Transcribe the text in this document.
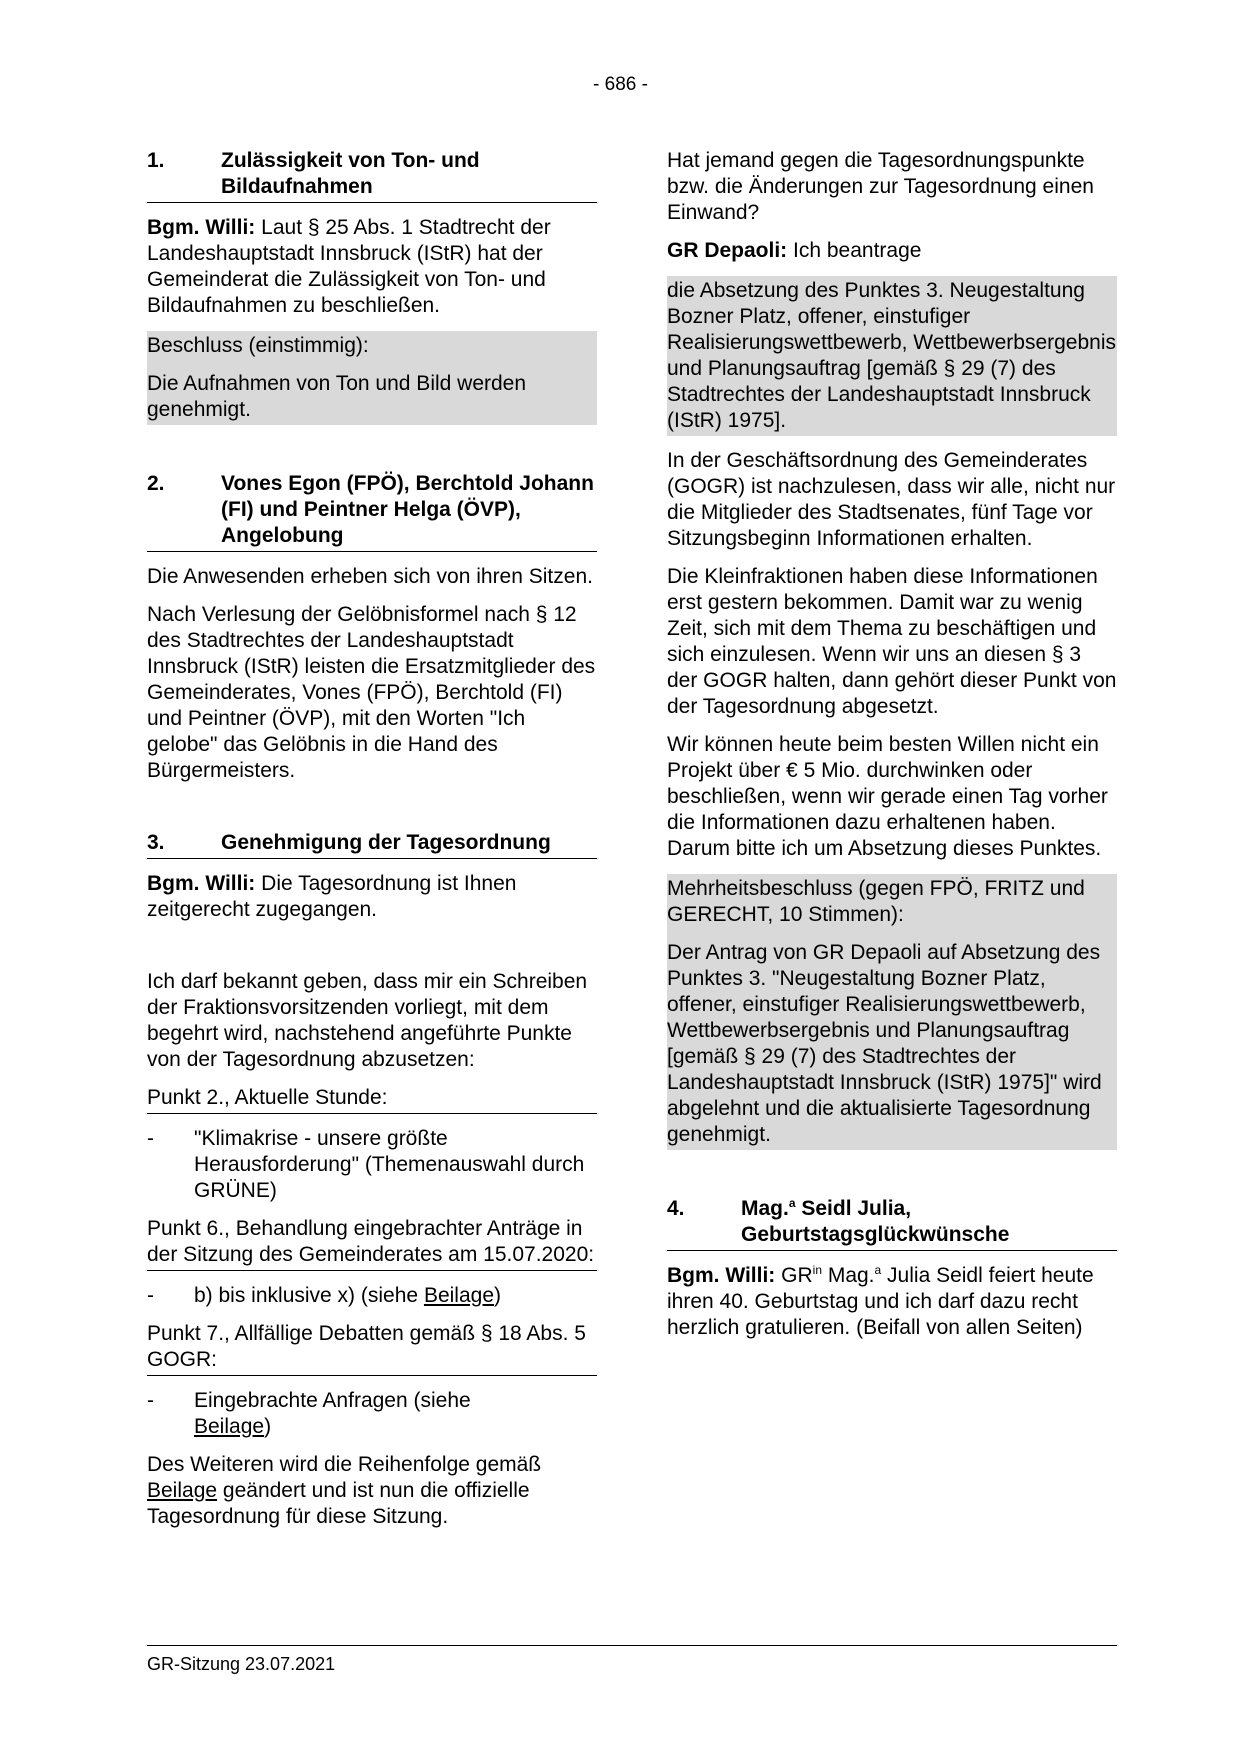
- 686 -
1.	Zulässigkeit von Ton- und Bildaufnahmen

Bgm. Willi: Laut § 25 Abs. 1 Stadtrecht der Landeshauptstadt Innsbruck (IStR) hat der Gemeinderat die Zulässigkeit von Ton- und Bildaufnahmen zu beschließen.

Beschluss (einstimmig):

Die Aufnahmen von Ton und Bild werden genehmigt.

2.	Vones Egon (FPÖ), Berchtold Johann (FI) und Peintner Helga (ÖVP), Angelobung

Die Anwesenden erheben sich von ihren Sitzen.

Nach Verlesung der Gelöbnisformel nach § 12 des Stadtrechtes der Landeshauptstadt Innsbruck (IStR) leisten die Ersatzmitglieder des Gemeinderates, Vones (FPÖ), Berchtold (FI) und Peintner (ÖVP), mit den Worten "Ich gelobe" das Gelöbnis in die Hand des Bürgermeisters.

3.	Genehmigung der Tagesordnung

Bgm. Willi: Die Tagesordnung ist Ihnen zeitgerecht zugegangen.

Ich darf bekannt geben, dass mir ein Schreiben der Fraktionsvorsitzenden vorliegt, mit dem begehrt wird, nachstehend angeführte Punkte von der Tagesordnung abzusetzen:

Punkt 2., Aktuelle Stunde:
-	"Klimakrise - unsere größte Herausforderung" (Themenauswahl durch GRÜNE)
Punkt 6., Behandlung eingebrachter Anträge in der Sitzung des Gemeinderates am 15.07.2020:
-	b) bis inklusive x) (siehe Beilage)
Punkt 7., Allfällige Debatten gemäß § 18 Abs. 5 GOGR:
-	Eingebrachte Anfragen (siehe
Beilage)

Des Weiteren wird die Reihenfolge gemäß
Beilage geändert und ist nun die offizielle Tagesordnung für diese Sitzung.

Hat jemand gegen die Tagesordnungspunkte bzw. die Änderungen zur Tagesordnung einen Einwand?

GR Depaoli: Ich beantrage

die Absetzung des Punktes 3. Neugestaltung Bozner Platz, offener, einstufiger Realisierungswettbewerb, Wettbewerbsergebnis und Planungsauftrag [gemäß § 29 (7) des Stadtrechtes der Landeshauptstadt Innsbruck (IStR) 1975].

In der Geschäftsordnung des Gemeinderates (GOGR) ist nachzulesen, dass wir alle, nicht nur die Mitglieder des Stadtsenates, fünf Tage vor Sitzungsbeginn Informationen erhalten.

Die Kleinfraktionen haben diese Informationen erst gestern bekommen. Damit war zu wenig Zeit, sich mit dem Thema zu beschäftigen und sich einzulesen. Wenn wir uns an diesen § 3 der GOGR halten, dann gehört dieser Punkt von der Tagesordnung abgesetzt.

Wir können heute beim besten Willen nicht ein Projekt über € 5 Mio. durchwinken oder beschließen, wenn wir gerade einen Tag vorher die Informationen dazu erhaltenen haben. Darum bitte ich um Absetzung dieses Punktes.

Mehrheitsbeschluss (gegen FPÖ, FRITZ und GERECHT, 10 Stimmen):

Der Antrag von GR Depaoli auf Absetzung des Punktes 3. "Neugestaltung Bozner Platz, offener, einstufiger Realisierungswettbewerb, Wettbewerbsergebnis und Planungsauftrag [gemäß § 29 (7) des Stadtrechtes der Landeshauptstadt Innsbruck (IStR) 1975]" wird abgelehnt und die aktualisierte Tagesordnung genehmigt.

4.	Mag.$^a$ Seidl Julia, Geburtstagsglückwünsche

Bgm. Willi: $GR^{in}$ Mag.$^a$ Julia Seidl feiert heute ihren 40. Geburtstag und ich darf dazu recht herzlich gratulieren. (Beifall von allen Seiten)

GR-Sitzung 23.07.2021
